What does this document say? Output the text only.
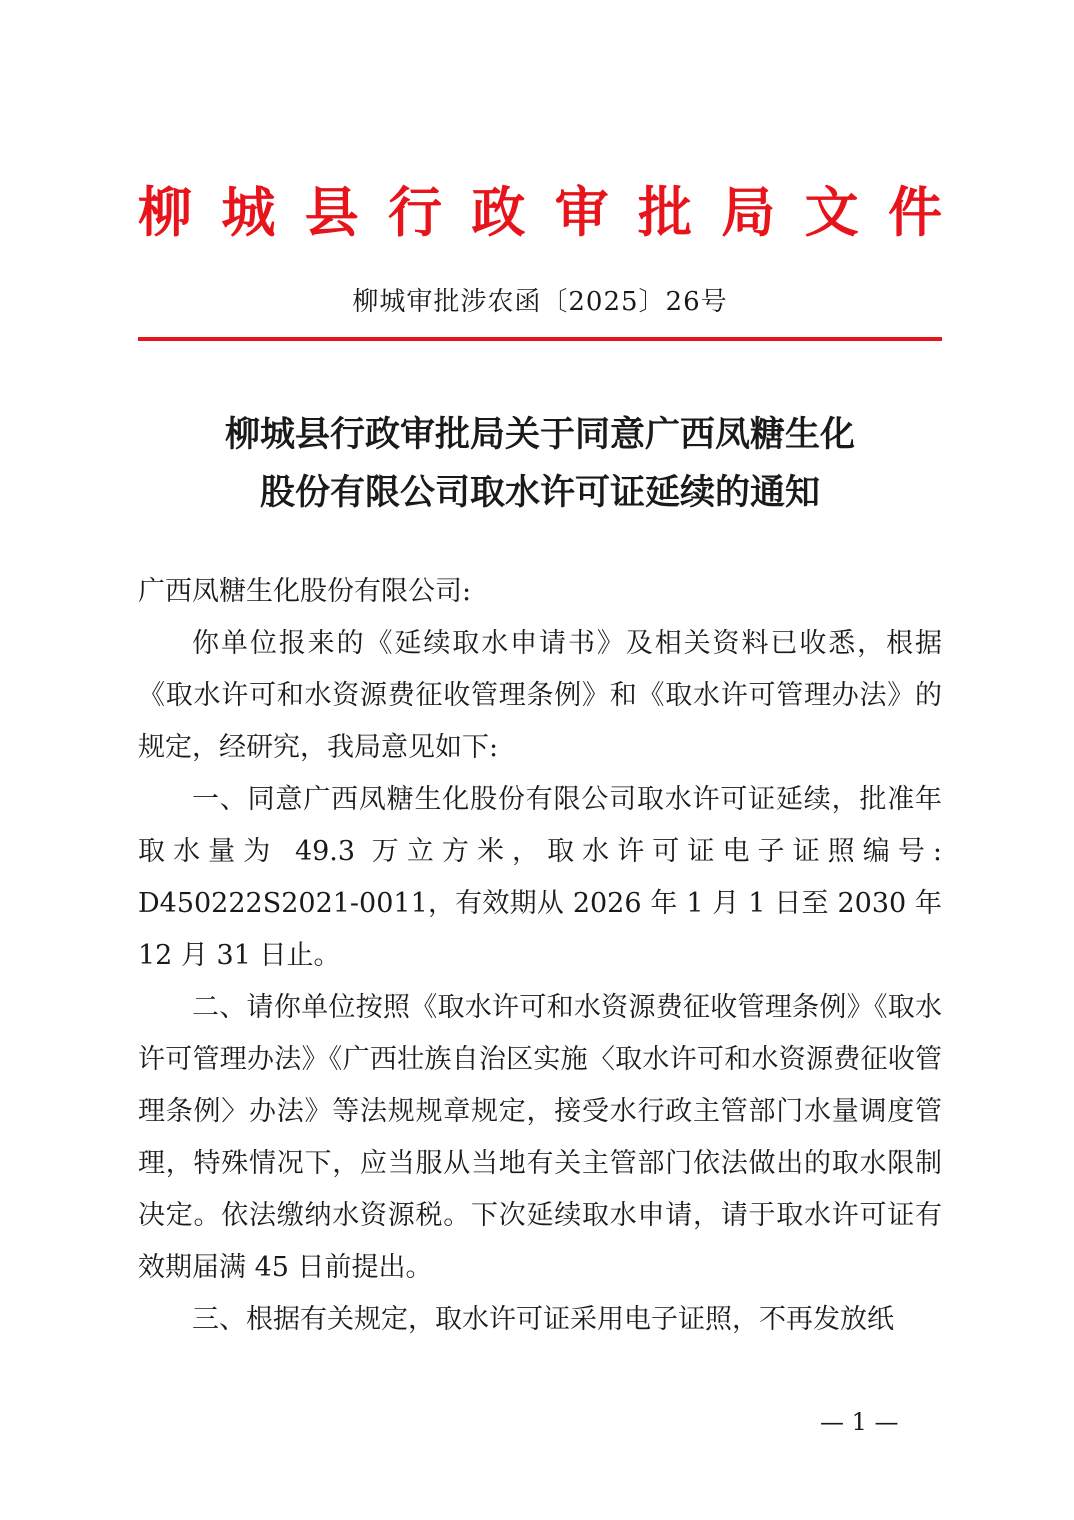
柳 城 县 行 政 审 批 局 文 件
柳城审批涉农函〔2025〕26号
柳城县行政审批局关于同意广西凤糖生化
股份有限公司取水许可证延续的通知

广西凤糖生化股份有限公司:

你单位报来的《延续取水申请书》及相关资料已收悉，根据《取水许可和水资源费征收管理条例》和《取水许可管理办法》的规定，经研究，我局意见如下:

一、同意广西凤糖生化股份有限公司取水许可证延续，批准年取水量为 49.3 万立方米，取水许可证电子证照编号: D450222S2021-0011，有效期从 2026 年 1 月 1 日至 2030 年 12 月 31 日止。

二、请你单位按照《取水许可和水资源费征收管理条例》《取水许可管理办法》《广西壮族自治区实施〈取水许可和水资源费征收管理条例〉办法》等法规规章规定，接受水行政主管部门水量调度管理，特殊情况下，应当服从当地有关主管部门依法做出的取水限制决定。依法缴纳水资源税。下次延续取水申请，请于取水许可证有效期届满 45 日前提出。

三、根据有关规定，取水许可证采用电子证照，不再发放纸

— 1 —
